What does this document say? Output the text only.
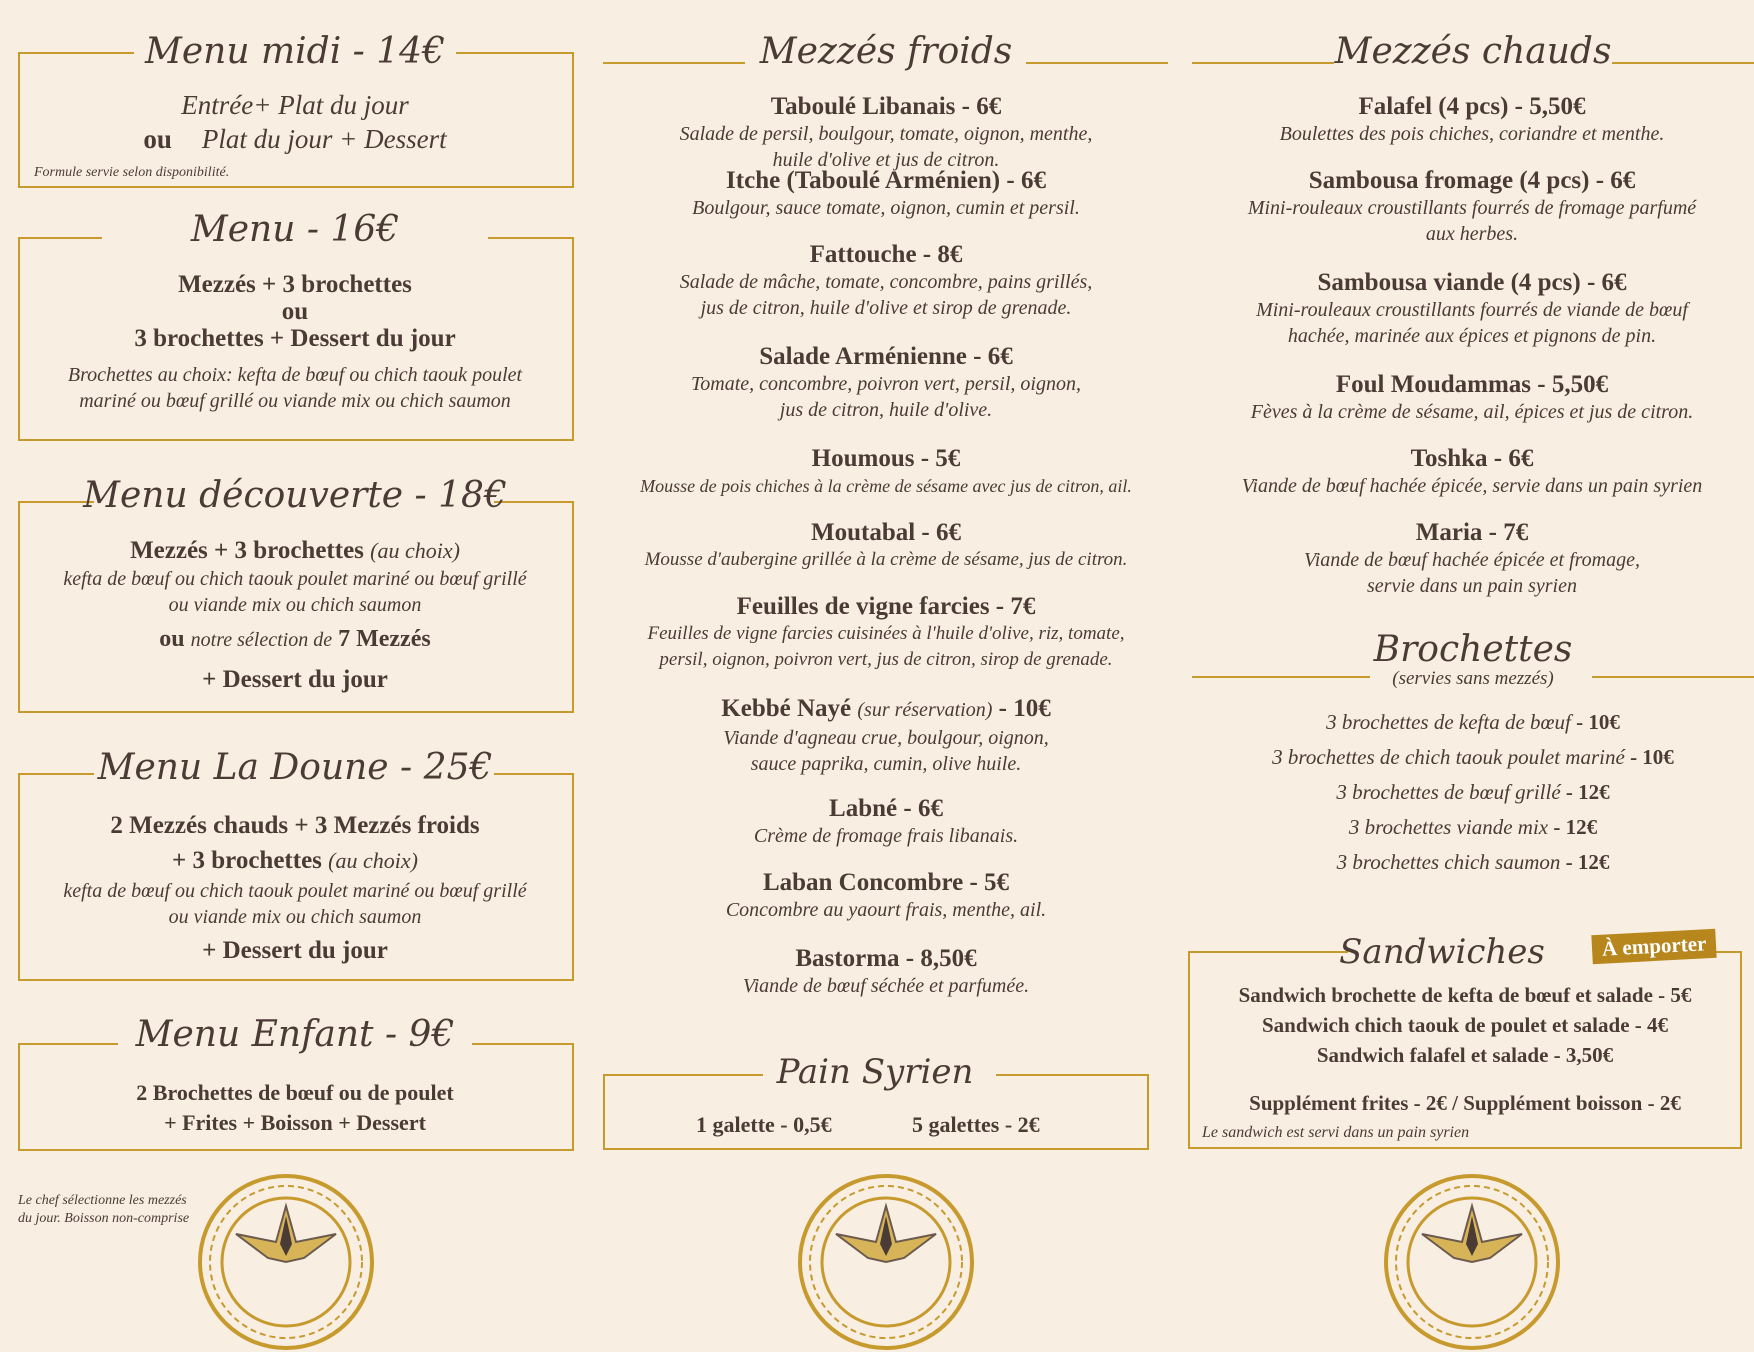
Menu midi - 14€
Entrée+ Plat du jour
ou Plat du jour + Dessert
Formule servie selon disponibilité.
Menu - 16€
Mezzés + 3 brochettes
ou
3 brochettes + Dessert du jour
Brochettes au choix: kefta de bœuf ou chich taouk poulet
mariné ou bœuf grillé ou viande mix ou chich saumon
Menu découverte - 18€
Mezzés + 3 brochettes (au choix)
kefta de bœuf ou chich taouk poulet mariné ou bœuf grillé
ou viande mix ou chich saumon
ou notre sélection de 7 Mezzés
+ Dessert du jour
Menu La Doune - 25€
2 Mezzés chauds + 3 Mezzés froids
+ 3 brochettes (au choix)
kefta de bœuf ou chich taouk poulet mariné ou bœuf grillé
ou viande mix ou chich saumon
+ Dessert du jour
Menu Enfant - 9€
2 Brochettes de bœuf ou de poulet
+ Frites + Boisson + Dessert
Le chef sélectionne les mezzés
du jour. Boisson non-comprise
Mezzés froids
Taboulé Libanais - 6€
Salade de persil, boulgour, tomate, oignon, menthe,
huile d'olive et jus de citron.
Itche (Taboulé Arménien) - 6€
Boulgour, sauce tomate, oignon, cumin et persil.
Fattouche - 8€
Salade de mâche, tomate, concombre, pains grillés,
jus de citron, huile d'olive et sirop de grenade.
Salade Arménienne - 6€
Tomate, concombre, poivron vert, persil, oignon,
jus de citron, huile d'olive.
Houmous - 5€
Mousse de pois chiches à la crème de sésame avec jus de citron, ail.
Moutabal - 6€
Mousse d'aubergine grillée à la crème de sésame, jus de citron.
Feuilles de vigne farcies - 7€
Feuilles de vigne farcies cuisinées à l'huile d'olive, riz, tomate,
persil, oignon, poivron vert, jus de citron, sirop de grenade.
Kebbé Nayé (sur réservation) - 10€
Viande d'agneau crue, boulgour, oignon,
sauce paprika, cumin, olive huile.
Labné - 6€
Crème de fromage frais libanais.
Laban Concombre - 5€
Concombre au yaourt frais, menthe, ail.
Bastorma - 8,50€
Viande de bœuf séchée et parfumée.
Pain Syrien
1 galette - 0,5€	5 galettes - 2€
Mezzés chauds
Falafel (4 pcs) - 5,50€
Boulettes des pois chiches, coriandre et menthe.
Sambousa fromage (4 pcs) - 6€
Mini-rouleaux croustillants fourrés de fromage parfumé
aux herbes.
Sambousa viande (4 pcs) - 6€
Mini-rouleaux croustillants fourrés de viande de bœuf
hachée, marinée aux épices et pignons de pin.
Foul Moudammas - 5,50€
Fèves à la crème de sésame, ail, épices et jus de citron.
Toshka - 6€
Viande de bœuf hachée épicée, servie dans un pain syrien
Maria - 7€
Viande de bœuf hachée épicée et fromage,
servie dans un pain syrien
Brochettes
(servies sans mezzés)
3 brochettes de kefta de bœuf - 10€
3 brochettes de chich taouk poulet mariné - 10€
3 brochettes de bœuf grillé - 12€
3 brochettes viande mix - 12€
3 brochettes chich saumon - 12€
Sandwiches	À emporter
Sandwich brochette de kefta de bœuf et salade - 5€
Sandwich chich taouk de poulet et salade - 4€
Sandwich falafel et salade - 3,50€
Supplément frites - 2€ / Supplément boisson - 2€
Le sandwich est servi dans un pain syrien
